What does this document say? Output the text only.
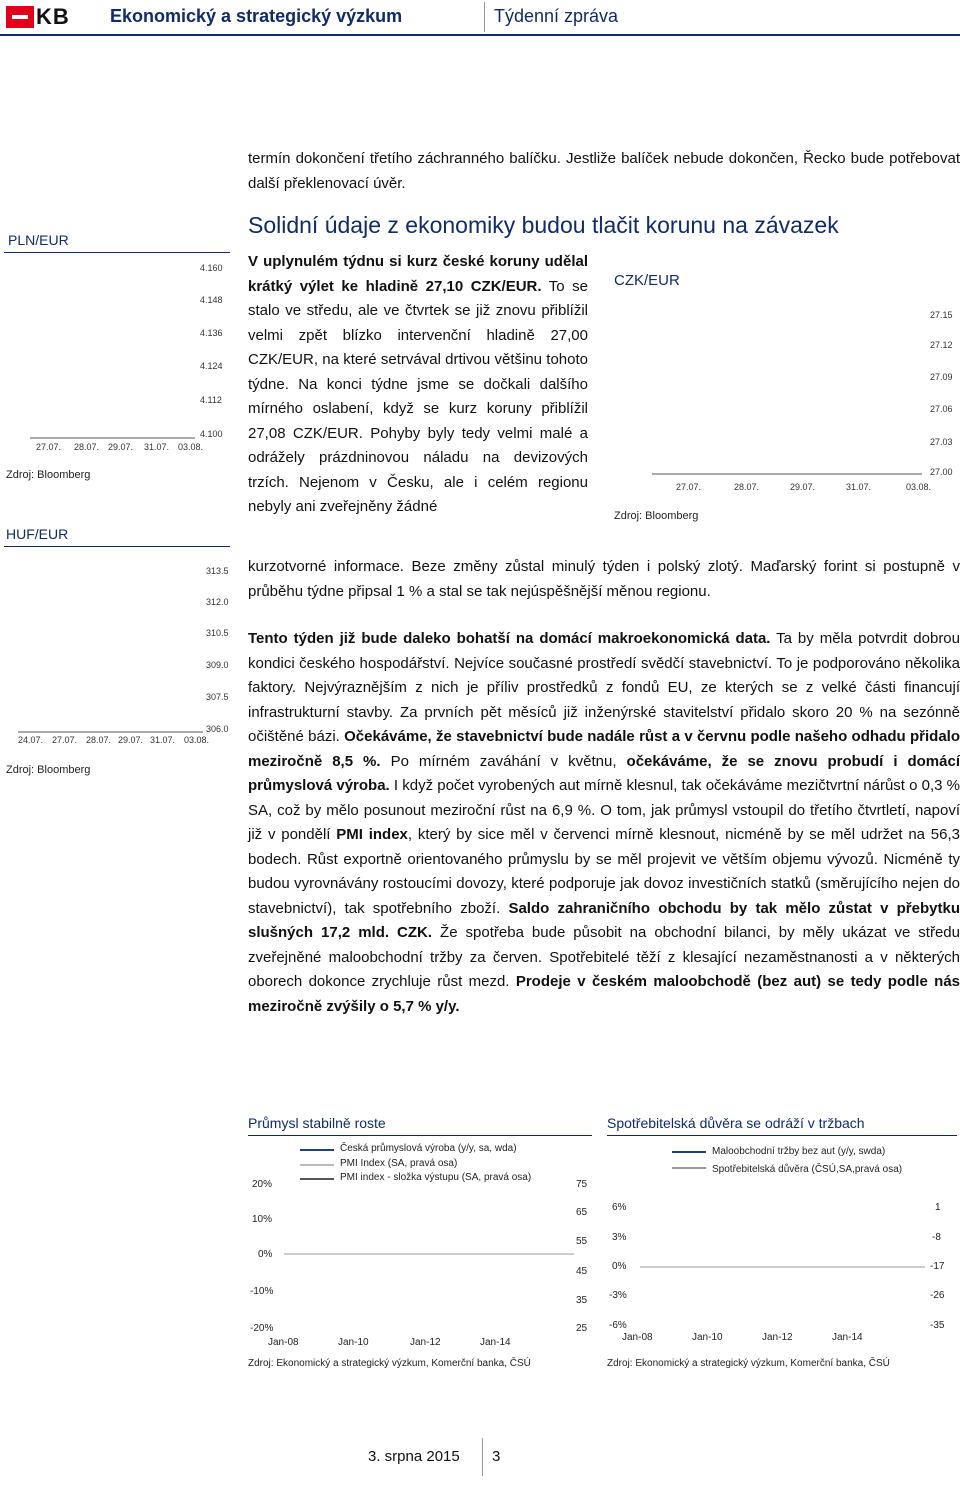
KB Ekonomický a strategický výzkum	Týdenní zpráva
termín dokončení třetího záchranného balíčku. Jestliže balíček nebude dokončen, Řecko bude potřebovat další překlenovací úvěr.
PLN/EUR
4.160
4.148
4.136
4.124
4.112
4.100
27.07. 28.07. 29.07. 31.07. 03.08.
Zdroj: Bloomberg
HUF/EUR
313.5
312.0
310.5
309.0
307.5
306.0
24.07. 27.07. 28.07. 29.07. 31.07. 03.08.
Zdroj: Bloomberg
Solidní údaje z ekonomiky budou tlačit korunu na závazek
V uplynulém týdnu si kurz české koruny udělal krátký výlet ke hladině 27,10 CZK/EUR. To se stalo ve středu, ale ve čtvrtek se již znovu přiblížil velmi zpět blízko intervenční hladině 27,00 CZK/EUR, na které setrvával drtivou většinu tohoto týdne. Na konci týdne jsme se dočkali dalšího mírného oslabení, když se kurz koruny přiblížil 27,08 CZK/EUR. Pohyby byly tedy velmi malé a odrážely prázdninovou náladu na devizových trzích. Nejenom v Česku, ale i celém regionu nebyly ani zveřejněny žádné
kurzotvorné informace. Beze změny zůstal minulý týden i polský zlotý. Maďarský forint si postupně v průběhu týdne připsal 1 % a stal se tak nejúspěšnější měnou regionu.
CZK/EUR
27.15
27.12
27.09
27.06
27.03
27.00
27.07.	28.07.	29.07.	31.07.	03.08.
Zdroj: Bloomberg
Tento týden již bude daleko bohatší na domácí makroekonomická data. Ta by měla potvrdit dobrou kondici českého hospodářství. Nejvíce současné prostředí svědčí stavebnictví. To je podporováno několika faktory. Nejvýraznějším z nich je příliv prostředků z fondů EU, ze kterých se z velké části financují infrastrukturní stavby. Za prvních pět měsíců již inženýrské stavitelství přidalo skoro 20 % na sezónně očištěné bázi. Očekáváme, že stavebnictví bude nadále růst a v červnu podle našeho odhadu přidalo meziročně 8,5 %. Po mírném zaváhání v květnu, očekáváme, že se znovu probudí i domácí průmyslová výroba. I když počet vyrobených aut mírně klesnul, tak očekáváme mezičtvrtní nárůst o 0,3 % SA, což by mělo posunout meziroční růst na 6,9 %. O tom, jak průmysl vstoupil do třetího čtvrtletí, napoví již v pondělí PMI index, který by sice měl v červenci mírně klesnout, nicméně by se měl udržet na 56,3 bodech. Růst exportně orientovaného průmyslu by se měl projevit ve větším objemu vývozů. Nicméně ty budou vyrovnávány rostoucími dovozy, které podporuje jak dovoz investičních statků (směrujícího nejen do stavebnictví), tak spotřebního zboží. Saldo zahraničního obchodu by tak mělo zůstat v přebytku slušných 17,2 mld. CZK. Že spotřeba bude působit na obchodní bilanci, by měly ukázat ve středu zveřejněné maloobchodní tržby za červen. Spotřebitelé těží z klesající nezaměstnanosti a v některých oborech dokonce zrychluje růst mezd. Prodeje v českém maloobchodě (bez aut) se tedy podle nás meziročně zvýšily o 5,7 % y/y.
Průmysl stabilně roste
Česká průmyslová výroba (y/y, sa, wda)
PMI Index (SA, pravá osa)
PMI index - složka výstupu (SA, pravá osa)
20%
10%
0%
-10%
-20%
75
65
55
45
35
25
Jan-08	Jan-10	Jan-12	Jan-14
Zdroj: Ekonomický a strategický výzkum, Komerční banka, ČSÚ
Spotřebitelská důvěra se odráží v tržbach
Maloobchodní tržby bez aut (y/y, swda)
Spotřebitelská důvěra (ČSÚ,SA,pravá osa)
6%
3%
0%
-3%
-6%
1
-8
-17
-26
-35
Jan-08	Jan-10	Jan-12	Jan-14
Zdroj: Ekonomický a strategický výzkum, Komerční banka, ČSÚ
3. srpna 2015 3
